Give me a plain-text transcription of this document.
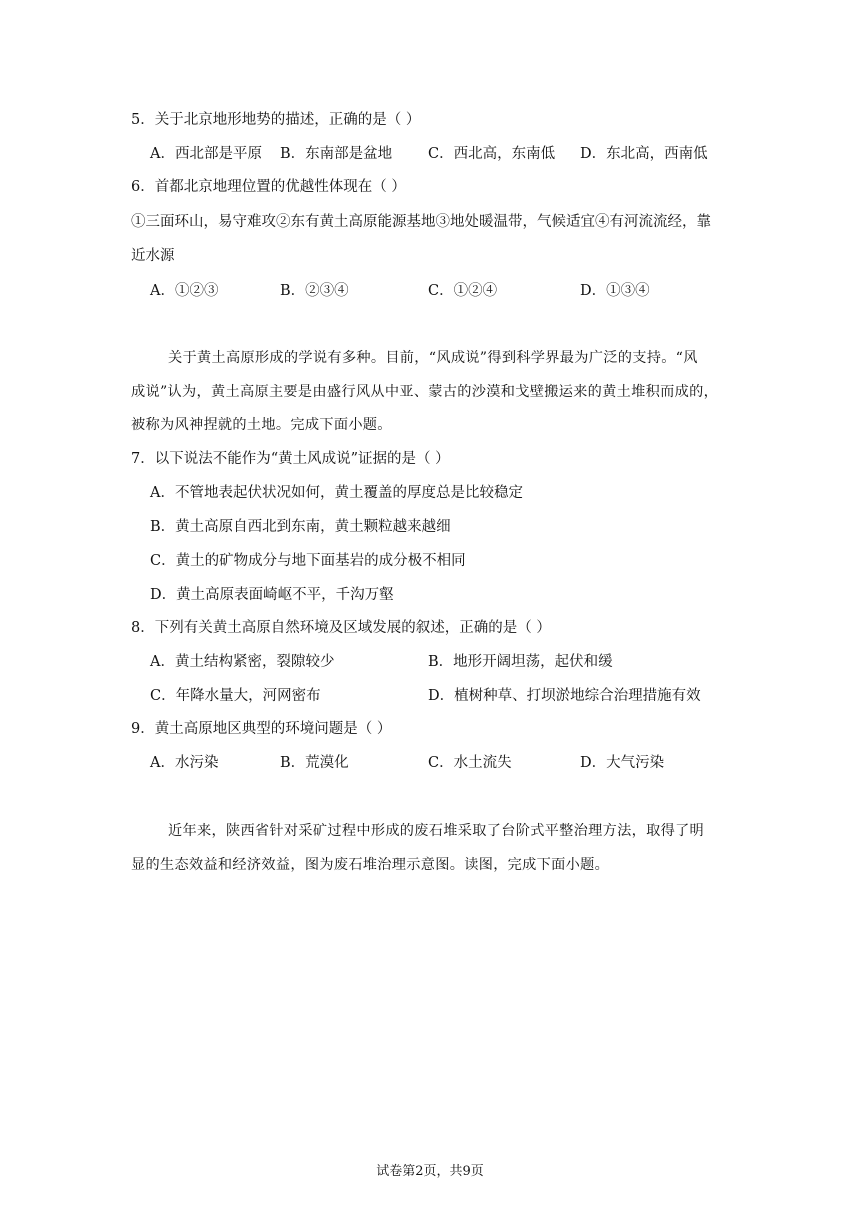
5．关于北京地形地势的描述，正确的是（ ）
A．西北部是平原 B．东南部是盆地 C．西北高，东南低 D．东北高，西南低
6．首都北京地理位置的优越性体现在（ ）
①三面环山，易守难攻②东有黄土高原能源基地③地处暖温带，气候适宜④有河流流经，靠
近水源
A．①②③	B．②③④	C．①②④	D．①③④
关于黄土高原形成的学说有多种。目前，“风成说”得到科学界最为广泛的支持。“风
成说”认为，黄土高原主要是由盛行风从中亚、蒙古的沙漠和戈壁搬运来的黄土堆积而成的，
被称为风神捏就的土地。完成下面小题。
7．以下说法不能作为“黄土风成说”证据的是（ ）
A．不管地表起伏状况如何，黄土覆盖的厚度总是比较稳定
B．黄土高原自西北到东南，黄土颗粒越来越细
C．黄土的矿物成分与地下面基岩的成分极不相同
D．黄土高原表面崎岖不平，千沟万壑
8．下列有关黄土高原自然环境及区域发展的叙述，正确的是（ ）
A．黄土结构紧密，裂隙较少	B．地形开阔坦荡，起伏和缓
C．年降水量大，河网密布	D．植树种草、打坝淤地综合治理措施有效
9．黄土高原地区典型的环境问题是（ ）
A．水污染	B．荒漠化	C．水土流失	D．大气污染
近年来，陕西省针对采矿过程中形成的废石堆采取了台阶式平整治理方法，取得了明
显的生态效益和经济效益，图为废石堆治理示意图。读图，完成下面小题。
试卷第2页，共9页
